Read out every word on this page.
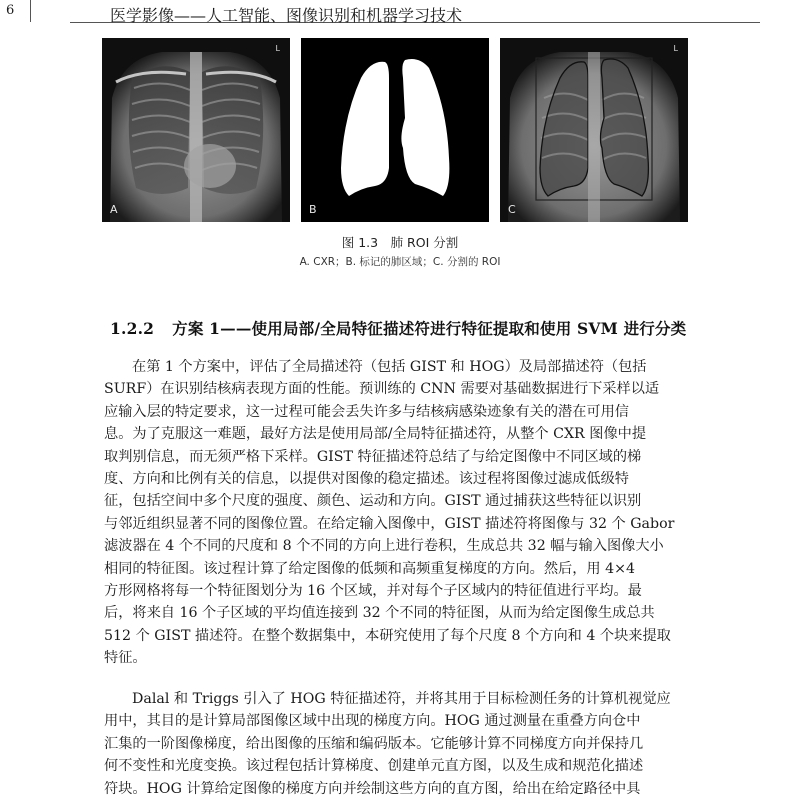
6	医学影像——人工智能、图像识别和机器学习技术
A
L
B	C
L
图 1.3　肺 ROI 分割
A. CXR；B. 标记的肺区域；C. 分割的 ROI
1.2.2 方案 1——使用局部/全局特征描述符进行特征提取和使用 SVM 进行分类
在第 1 个方案中，评估了全局描述符（包括 GIST 和 HOG）及局部描述符（包括
SURF）在识别结核病表现方面的性能。预训练的 CNN 需要对基础数据进行下采样以适
应输入层的特定要求，这一过程可能会丢失许多与结核病感染迹象有关的潜在可用信
息。为了克服这一难题，最好方法是使用局部/全局特征描述符，从整个 CXR 图像中提
取判别信息，而无须严格下采样。GIST 特征描述符总结了与给定图像中不同区域的梯
度、方向和比例有关的信息，以提供对图像的稳定描述。该过程将图像过滤成低级特
征，包括空间中多个尺度的强度、颜色、运动和方向。GIST 通过捕获这些特征以识别
与邻近组织显著不同的图像位置。在给定输入图像中，GIST 描述符将图像与 32 个 Gabor
滤波器在 4 个不同的尺度和 8 个不同的方向上进行卷积，生成总共 32 幅与输入图像大小
相同的特征图。该过程计算了给定图像的低频和高频重复梯度的方向。然后，用 4×4
方形网格将每一个特征图划分为 16 个区域，并对每个子区域内的特征值进行平均。最
后，将来自 16 个子区域的平均值连接到 32 个不同的特征图，从而为给定图像生成总共
512 个 GIST 描述符。在整个数据集中，本研究使用了每个尺度 8 个方向和 4 个块来提取
特征。
Dalal 和 Triggs 引入了 HOG 特征描述符，并将其用于目标检测任务的计算机视觉应
用中，其目的是计算局部图像区域中出现的梯度方向。HOG 通过测量在重叠方向仓中
汇集的一阶图像梯度，给出图像的压缩和编码版本。它能够计算不同梯度方向并保持几
何不变性和光度变换。该过程包括计算梯度、创建单元直方图，以及生成和规范化描述
符块。HOG 计算给定图像的梯度方向并绘制这些方向的直方图，给出在给定路径中具
